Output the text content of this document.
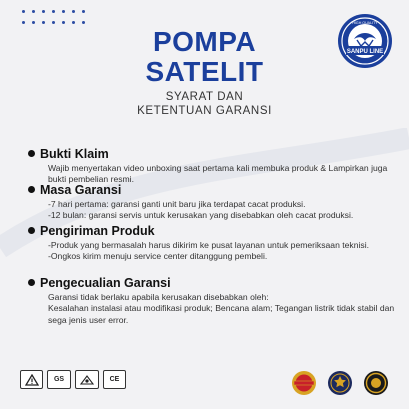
POMPA
SATELIT
SYARAT DAN
KETENTUAN GARANSI
SANPU LINE
HIGH QUALITY
Bukti Klaim
Wajib menyertakan video unboxing saat pertama kali membuka produk & Lampirkan juga bukti pembelian resmi.
Masa Garansi
-7 hari pertama: garansi ganti unit baru jika terdapat cacat produksi.
-12 bulan: garansi servis untuk kerusakan yang disebabkan oleh cacat produksi.
Pengiriman Produk
-Produk yang bermasalah harus dikirim ke pusat layanan untuk pemeriksaan teknisi.
-Ongkos kirim menuju service center ditanggung pembeli.
Pengecualian Garansi
Garansi tidak berlaku apabila kerusakan disebabkan oleh:
Kesalahan instalasi atau modifikasi produk; Bencana alam; Tegangan listrik tidak stabil dan sega jenis user error.
GS	CE
